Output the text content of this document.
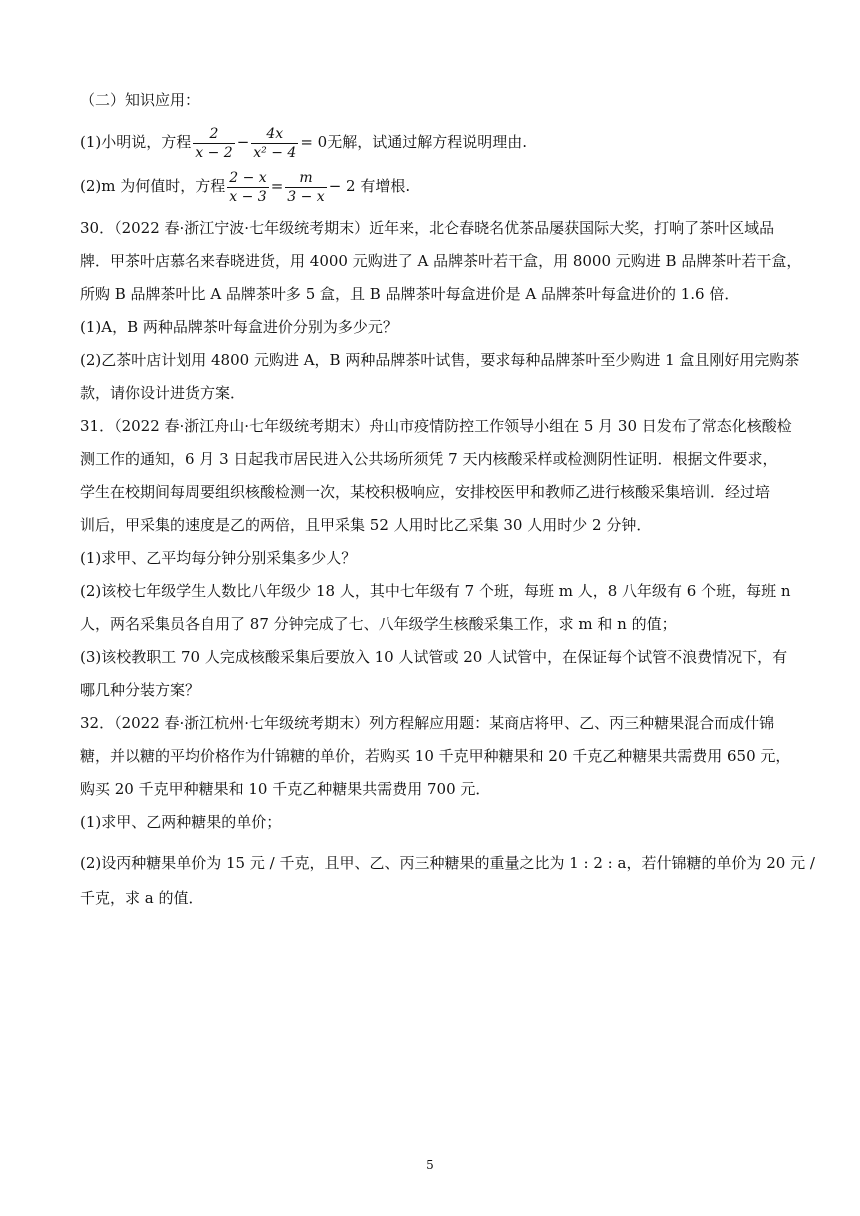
（二）知识应用：
(1)小明说，方程 $\frac{2}{x - 2} - \frac{4x}{\text{x² − 4}} = 0$无解，试通过解方程说明理由.
(2)m 为何值时，方程 $\frac{2 - x}{x - 3} = \frac{m}{3 - x} - 2$ 有增根.
30．（2022 春·浙江宁波·七年级统考期末）近年来，北仑春晓名优茶品屡获国际大奖，打响了茶叶区域品
牌．甲茶叶店慕名来春晓进货，用 4000 元购进了 A 品牌茶叶若干盒，用 8000 元购进 B 品牌茶叶若干盒，
所购 B 品牌茶叶比 A 品牌茶叶多 5 盒，且 B 品牌茶叶每盒进价是 A 品牌茶叶每盒进价的 1.6 倍．
(1)A，B 两种品牌茶叶每盒进价分别为多少元？
(2)乙茶叶店计划用 4800 元购进 A，B 两种品牌茶叶试售，要求每种品牌茶叶至少购进 1 盒且刚好用完购茶
款，请你设计进货方案．
31．（2022 春·浙江舟山·七年级统考期末）舟山市疫情防控工作领导小组在 5 月 30 日发布了常态化核酸检
测工作的通知，6 月 3 日起我市居民进入公共场所须凭 7 天内核酸采样或检测阴性证明．根据文件要求，
学生在校期间每周要组织核酸检测一次，某校积极响应，安排校医甲和教师乙进行核酸采集培训．经过培
训后，甲采集的速度是乙的两倍，且甲采集 52 人用时比乙采集 30 人用时少 2 分钟．
(1)求甲、乙平均每分钟分别采集多少人？
(2)该校七年级学生人数比八年级少 18 人，其中七年级有 7 个班，每班 m 人，8 八年级有 6 个班，每班 n
人，两名采集员各自用了 87 分钟完成了七、八年级学生核酸采集工作，求 m 和 n 的值；
(3)该校教职工 70 人完成核酸采集后要放入 10 人试管或 20 人试管中，在保证每个试管不浪费情况下，有
哪几种分装方案？
32．（2022 春·浙江杭州·七年级统考期末）列方程解应用题：某商店将甲、乙、丙三种糖果混合而成什锦
糖，并以糖的平均价格作为什锦糖的单价，若购买 10 千克甲种糖果和 20 千克乙种糖果共需费用 650 元，
购买 20 千克甲种糖果和 10 千克乙种糖果共需费用 700 元．
(1)求甲、乙两种糖果的单价；
(2)设丙种糖果单价为 15 元 / 千克，且甲、乙、丙三种糖果的重量之比为 1 : 2 : a，若什锦糖的单价为 20 元 /
千克，求 a 的值．
5
